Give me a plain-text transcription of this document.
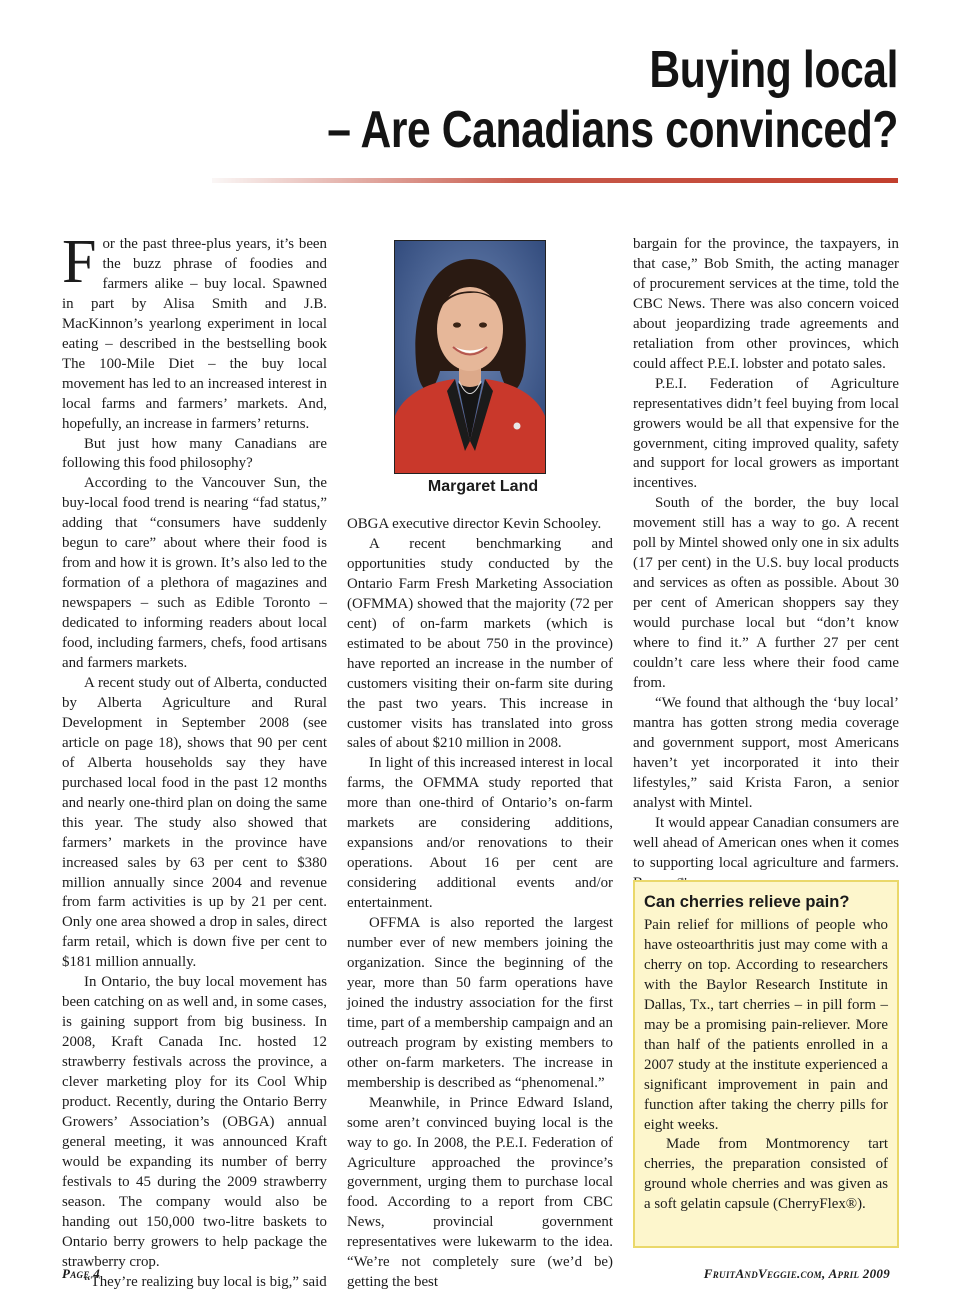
Buying local
– Are Canadians convinced?

For the past three-plus years, it’s been the buzz phrase of foodies and farmers alike – buy local. Spawned in part by Alisa Smith and J.B. MacKinnon’s yearlong experiment in local eating – described in the bestselling book The 100-Mile Diet – the buy local movement has led to an increased interest in local farms and farmers’ markets. And, hopefully, an increase in farmers’ returns.

But just how many Canadians are following this food philosophy?

According to the Vancouver Sun, the buy-local food trend is nearing “fad status,” adding that “consumers have suddenly begun to care” about where their food is from and how it is grown. It’s also led to the formation of a plethora of magazines and newspapers – such as Edible Toronto – dedicated to informing readers about local food, including farmers, chefs, food artisans and farmers markets.

A recent study out of Alberta, conducted by Alberta Agriculture and Rural Development in September 2008 (see article on page 18), shows that 90 per cent of Alberta households say they have purchased local food in the past 12 months and nearly one-third plan on doing the same this year. The study also showed that farmers’ markets in the province have increased sales by 63 per cent to $380 million annually since 2004 and revenue from farm activities is up by 21 per cent. Only one area showed a drop in sales, direct farm retail, which is down five per cent to $181 million annually.

In Ontario, the buy local movement has been catching on as well and, in some cases, is gaining support from big business. In 2008, Kraft Canada Inc. hosted 12 strawberry festivals across the province, a clever marketing ploy for its Cool Whip product. Recently, during the Ontario Berry Growers’ Association’s (OBGA) annual general meeting, it was announced Kraft would be expanding its number of berry festivals to 45 during the 2009 strawberry season. The company would also be handing out 150,000 two-litre baskets to Ontario berry growers to help package the strawberry crop.

“They’re realizing buy local is big,” said

Margaret Land

OBGA executive director Kevin Schooley.

A recent benchmarking and opportunities study conducted by the Ontario Farm Fresh Marketing Association (OFMMA) showed that the majority (72 per cent) of on-farm markets (which is estimated to be about 750 in the province) have reported an increase in the number of customers visiting their on-farm site during the past two years. This increase in customer visits has translated into gross sales of about $210 million in 2008.

In light of this increased interest in local farms, the OFMMA study reported that more than one-third of Ontario’s on-farm markets are considering additions, expansions and/or renovations to their operations. About 16 per cent are considering additional events and/or entertainment.

OFFMA is also reported the largest number ever of new members joining the organization. Since the beginning of the year, more than 50 farm operations have joined the industry association for the first time, part of a membership campaign and an outreach program by existing members to other on-farm marketers. The increase in membership is described as “phenomenal.”

Meanwhile, in Prince Edward Island, some aren’t convinced buying local is the way to go. In 2008, the P.E.I. Federation of Agriculture approached the province’s government, urging them to purchase local food. According to a report from CBC News, provincial government representatives were lukewarm to the idea. “We’re not completely sure (we’d be) getting the best

bargain for the province, the taxpayers, in that case,” Bob Smith, the acting manager of procurement services at the time, told the CBC News. There was also concern voiced about jeopardizing trade agreements and retaliation from other provinces, which could affect P.E.I. lobster and potato sales.

P.E.I. Federation of Agriculture representatives didn’t feel buying from local growers would be all that expensive for the government, citing improved quality, safety and support for local growers as important incentives.

South of the border, the buy local movement still has a way to go. A recent poll by Mintel showed only one in six adults (17 per cent) in the U.S. buy local products and services as often as possible. About 30 per cent of American shoppers say they would purchase local but “don’t know where to find it.” A further 27 per cent couldn’t care less where their food came from.

“We found that although the ‘buy local’ mantra has gotten strong media coverage and government support, most Americans haven’t yet incorporated it into their lifestyles,” said Krista Faron, a senior analyst with Mintel.

It would appear Canadian consumers are well ahead of American ones when it comes to supporting local agriculture and farmers.

Can cherries relieve pain?

Pain relief for millions of people who have osteoarthritis just may come with a cherry on top. According to researchers with the Baylor Research Institute in Dallas, Tx., tart cherries – in pill form – may be a promising pain-reliever. More than half of the patients enrolled in a 2007 study at the institute experienced a significant improvement in pain and function after taking the cherry pills for eight weeks.

Made from Montmorency tart cherries, the preparation consisted of ground whole cherries and was given as a soft gelatin capsule (CherryFlex®).

Page 4	FruitAndVeggie.com, April 2009
